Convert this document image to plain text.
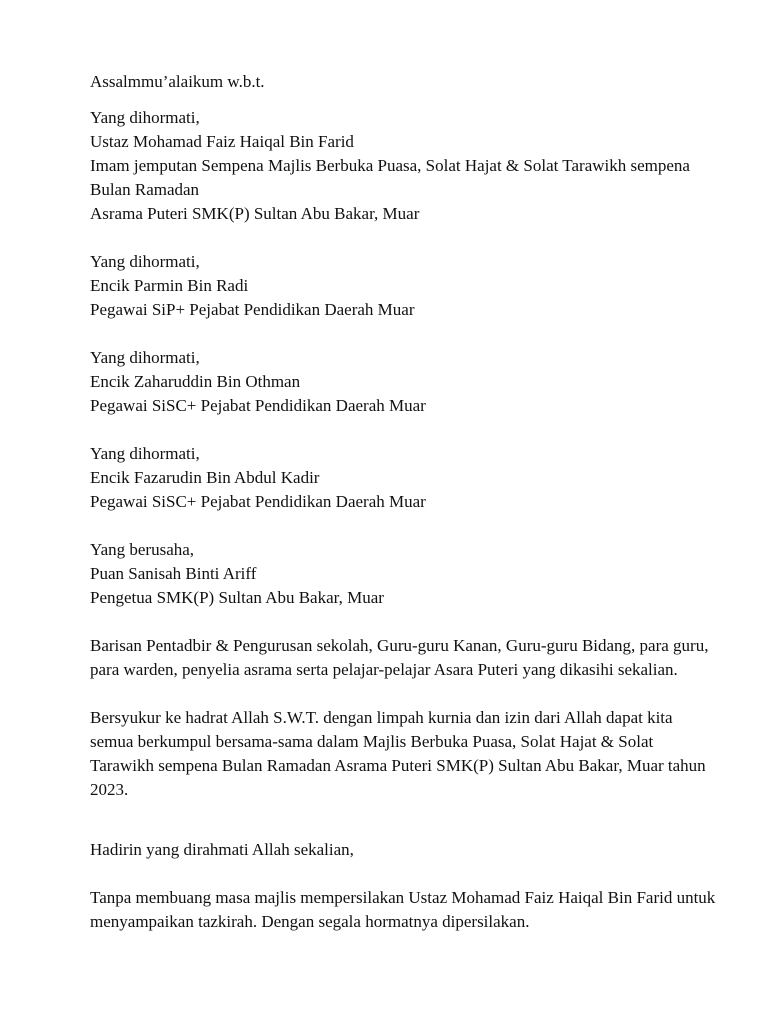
Assalmmu’alaikum w.b.t.
Yang dihormati,
Ustaz Mohamad Faiz Haiqal Bin Farid
Imam jemputan Sempena Majlis Berbuka Puasa, Solat Hajat & Solat Tarawikh sempena
Bulan Ramadan
Asrama Puteri SMK(P) Sultan Abu Bakar, Muar
Yang dihormati,
Encik Parmin Bin Radi
Pegawai SiP+ Pejabat Pendidikan Daerah Muar
Yang dihormati,
Encik Zaharuddin Bin Othman
Pegawai SiSC+ Pejabat Pendidikan Daerah Muar
Yang dihormati,
Encik Fazarudin Bin Abdul Kadir
Pegawai SiSC+ Pejabat Pendidikan Daerah Muar
Yang berusaha,
Puan Sanisah Binti Ariff
Pengetua SMK(P) Sultan Abu Bakar, Muar

Barisan Pentadbir & Pengurusan sekolah, Guru-guru Kanan, Guru-guru Bidang, para guru, para warden, penyelia asrama serta pelajar-pelajar Asara Puteri yang dikasihi sekalian.

Bersyukur ke hadrat Allah S.W.T. dengan limpah kurnia dan izin dari Allah dapat kita semua berkumpul bersama-sama dalam Majlis Berbuka Puasa, Solat Hajat & Solat Tarawikh sempena Bulan Ramadan Asrama Puteri SMK(P) Sultan Abu Bakar, Muar tahun 2023.

Hadirin yang dirahmati Allah sekalian,

Tanpa membuang masa majlis mempersilakan Ustaz Mohamad Faiz Haiqal Bin Farid untuk menyampaikan tazkirah. Dengan segala hormatnya dipersilakan.
